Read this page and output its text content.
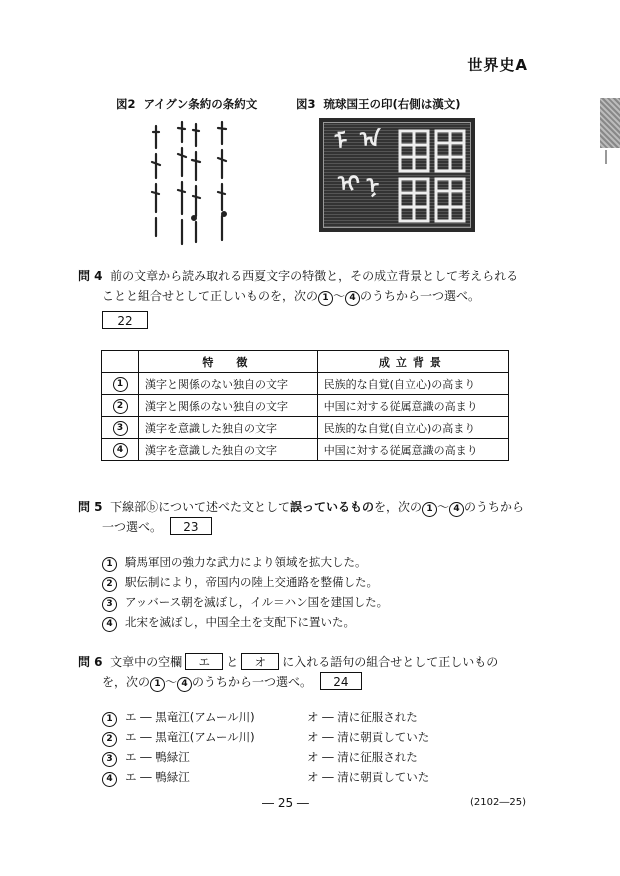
世界史A
図2 アイグン条約の条約文	図3 琉球国王の印(右側は漢文)
ᠮ ᠠ
ᡳ ᠨ
問 4 前の文章から読み取れる西夏文字の特徴と，その成立背景として考えられる
ことと組合せとして正しいものを，次の 1 ～ 4 のうちから一つ選べ。
22
	特　徴	成立背景
1	漢字と関係のない独自の文字	民族的な自覚(自立心)の高まり
2	漢字と関係のない独自の文字	中国に対する従属意識の高まり
3	漢字を意識した独自の文字	民族的な自覚(自立心)の高まり
4	漢字を意識した独自の文字	中国に対する従属意識の高まり
問 5 下線部ⓑについて述べた文として誤っているものを，次の 1 ～ 4 のうちから
一つ選べ。 23
1 騎馬軍団の強力な武力により領域を拡大した。
2 駅伝制により，帝国内の陸上交通路を整備した。
3 アッバース朝を滅ぼし，イル＝ハン国を建国した。
4 北宋を滅ぼし，中国全土を支配下に置いた。
問 6 文章中の空欄 エ と オ に入れる語句の組合せとして正しいもの
を，次の 1 ～ 4 のうちから一つ選べ。 24
1 エ ― 黒竜江(アムール川)	オ ― 清に征服された
2 エ ― 黒竜江(アムール川)	オ ― 清に朝貢していた
3 エ ― 鴨緑江	オ ― 清に征服された
4 エ ― 鴨緑江	オ ― 清に朝貢していた
― 25 ―	(2102―25)
